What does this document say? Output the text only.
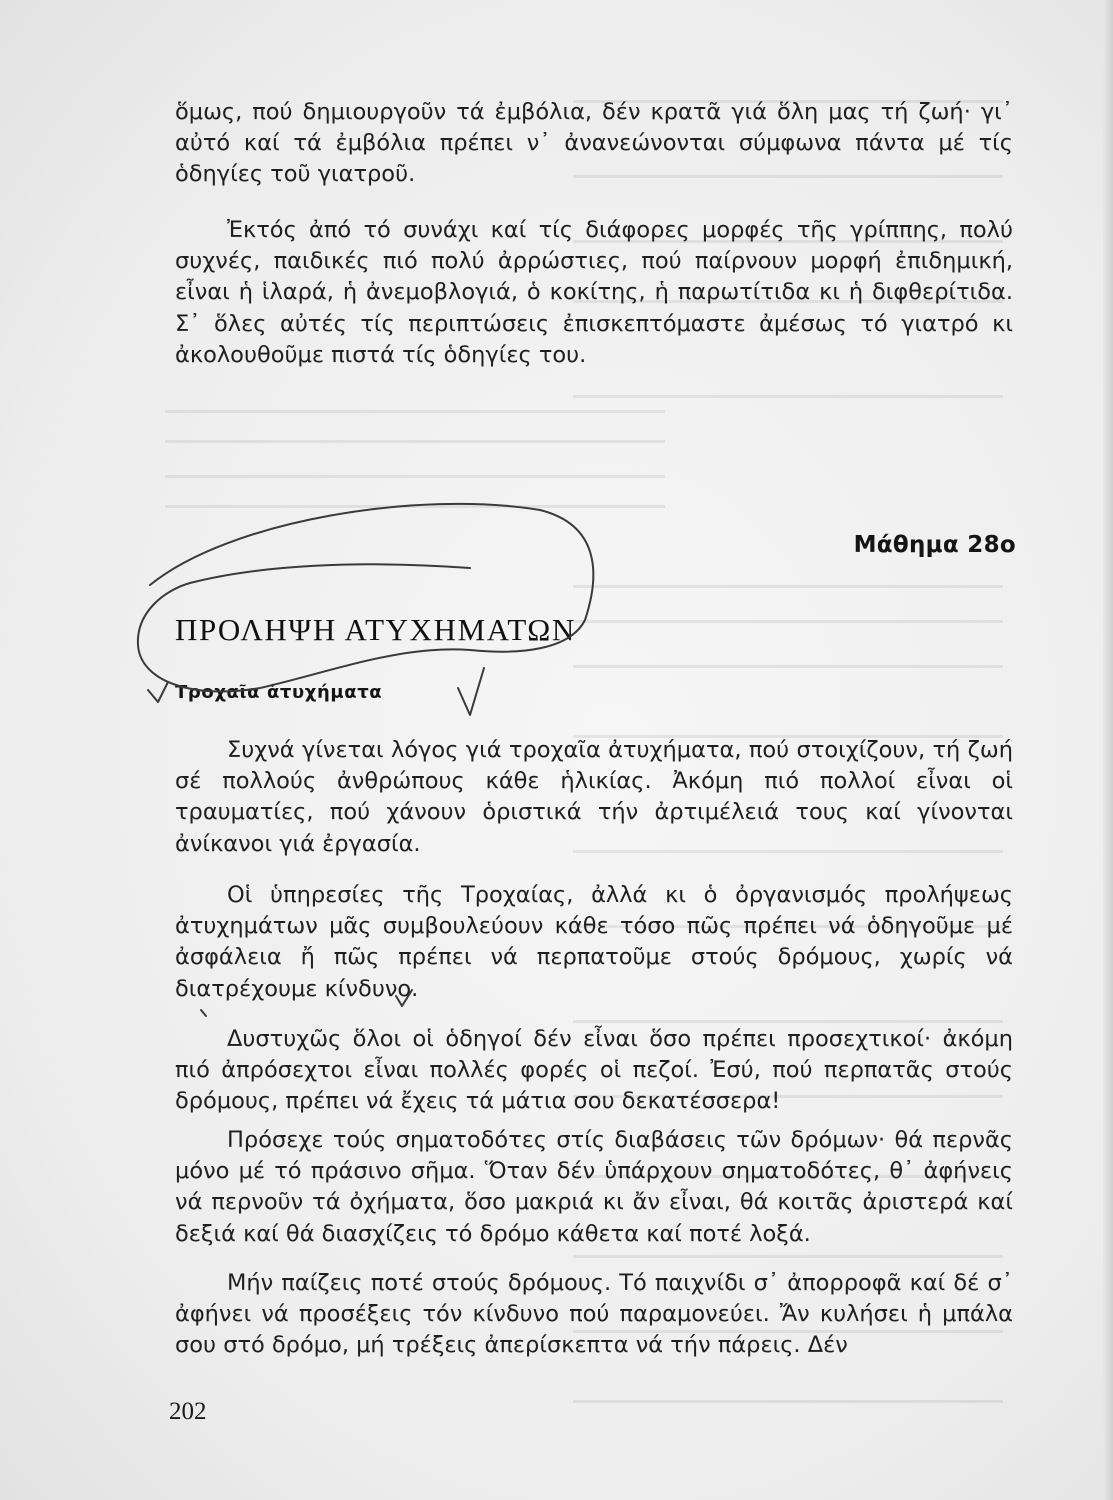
ὅμως, πού δημιουργοῦν τά ἐμβόλια, δέν κρατᾶ γιά ὅλη μας τή ζωή· γι᾽ αὐτό καί τά ἐμβόλια πρέπει ν᾽ ἀνανεώνονται σύμφωνα πάντα μέ τίς ὁδηγίες τοῦ γιατροῦ.

Ἐκτός ἀπό τό συνάχι καί τίς διάφορες μορφές τῆς γρίππης, πολύ συχνές, παιδικές πιό πολύ ἀρρώστιες, πού παίρνουν μορφή ἐπιδημική, εἶναι ἡ ἱλαρά, ἡ ἀνεμοβλογιά, ὁ κοκίτης, ἡ παρωτίτιδα κι ἡ διφθερίτιδα. Σ᾽ ὅλες αὐτές τίς περιπτώσεις ἐπισκεπτόμαστε ἀμέσως τό γιατρό κι ἀκολουθοῦμε πιστά τίς ὁδηγίες του.

Μάθημα 28ο
ΠΡΟΛΗΨΗ ΑΤΥΧΗΜΑΤΩΝ
Τροχαῖα ἀτυχήματα

Συχνά γίνεται λόγος γιά τροχαῖα ἀτυχήματα, πού στοιχίζουν, τή ζωή σέ πολλούς ἀνθρώπους κάθε ἡλικίας. Ἀκόμη πιό πολλοί εἶναι οἱ τραυματίες, πού χάνουν ὁριστικά τήν ἀρτιμέλειά τους καί γίνονται ἀνίκανοι γιά ἐργασία.

Οἱ ὑπηρεσίες τῆς Τροχαίας, ἀλλά κι ὁ ὀργανισμός προλήψεως ἀτυχημάτων μᾶς συμβουλεύουν κάθε τόσο πῶς πρέπει νά ὁδηγοῦμε μέ ἀσφάλεια ἤ πῶς πρέπει νά περπατοῦμε στούς δρόμους, χωρίς νά διατρέχουμε κίνδυνο.

Δυστυχῶς ὅλοι οἱ ὁδηγοί δέν εἶναι ὅσο πρέπει προσεχτικοί· ἀκόμη πιό ἀπρόσεχτοι εἶναι πολλές φορές οἱ πεζοί. Ἐσύ, πού περπατᾶς στούς δρόμους, πρέπει νά ἔχεις τά μάτια σου δεκατέσσερα!

Πρόσεχε τούς σηματοδότες στίς διαβάσεις τῶν δρόμων· θά περνᾶς μόνο μέ τό πράσινο σῆμα. Ὅταν δέν ὑπάρχουν σηματοδότες, θ᾽ ἀφήνεις νά περνοῦν τά ὀχήματα, ὅσο μακριά κι ἄν εἶναι, θά κοιτᾶς ἀριστερά καί δεξιά καί θά διασχίζεις τό δρόμο κάθετα καί ποτέ λοξά.

Μήν παίζεις ποτέ στούς δρόμους. Τό παιχνίδι σ᾽ ἀπορροφᾶ καί δέ σ᾽ ἀφήνει νά προσέξεις τόν κίνδυνο πού παραμονεύει. Ἄν κυλήσει ἡ μπάλα σου στό δρόμο, μή τρέξεις ἀπερίσκεπτα νά τήν πάρεις. Δέν

202
